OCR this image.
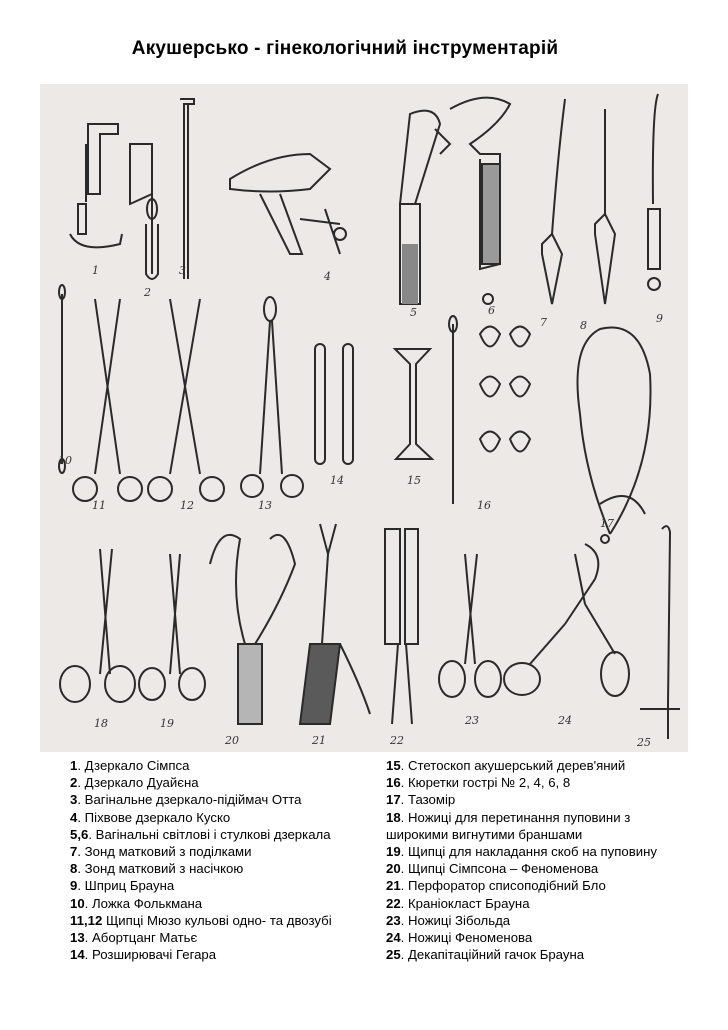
Акушерсько - гінекологічний інструментарій
1
2
3	4
5	6
7	8
9
10
11	12	13
14	15
16
17
18	19
20	21	22
23	24
25
1. Дзеркало Сімпса
2. Дзеркало Дуайєна
3. Вагінальне дзеркало-підіймач Отта
4. Піхвове дзеркало Куско
5,6. Вагінальні світлові і стулкові дзеркала
7. Зонд матковий з поділками
8. Зонд матковий з насічкою
9. Шприц Брауна
10. Ложка Фолькмана
11,12 Щипці Мюзо кульові одно- та двозубі
13. Абортцанг Матьє
14. Розширювачі Гегара
15. Стетоскоп акушерський дерев'яний
16. Кюретки гострі № 2, 4, 6, 8
17. Тазомір
18. Ножиці для перетинання пуповини з
широкими вигнутими браншами
19. Щипці для накладання скоб на пуповину
20. Щипці Сімпсона – Феноменова
21. Перфоратор списоподібний Бло
22. Краніокласт Брауна
23. Ножиці Зібольда
24. Ножиці Феноменова
25. Декапітаційний гачок Брауна
